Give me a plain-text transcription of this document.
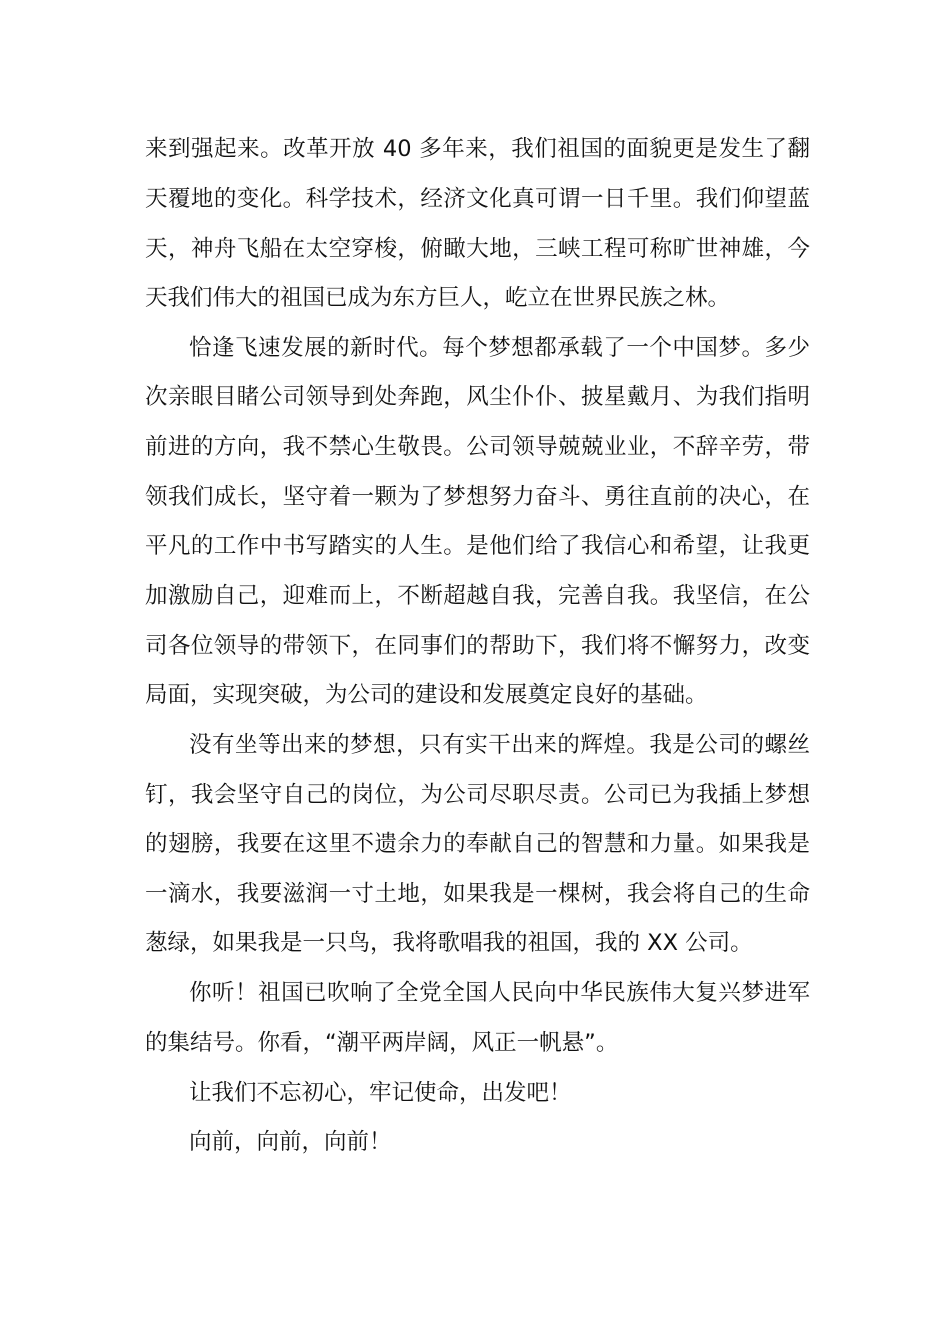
来到强起来。改革开放 40 多年来，我们祖国的面貌更是发生了翻
天覆地的变化。科学技术，经济文化真可谓一日千里。我们仰望蓝
天，神舟飞船在太空穿梭，俯瞰大地，三峡工程可称旷世神雄，今
天我们伟大的祖国已成为东方巨人，屹立在世界民族之林。
恰逢飞速发展的新时代。每个梦想都承载了一个中国梦。多少
次亲眼目睹公司领导到处奔跑，风尘仆仆、披星戴月、为我们指明
前进的方向，我不禁心生敬畏。公司领导兢兢业业，不辞辛劳，带
领我们成长，坚守着一颗为了梦想努力奋斗、勇往直前的决心，在
平凡的工作中书写踏实的人生。是他们给了我信心和希望，让我更
加激励自己，迎难而上，不断超越自我，完善自我。我坚信，在公
司各位领导的带领下，在同事们的帮助下，我们将不懈努力，改变
局面，实现突破，为公司的建设和发展奠定良好的基础。
没有坐等出来的梦想，只有实干出来的辉煌。我是公司的螺丝
钉，我会坚守自己的岗位，为公司尽职尽责。公司已为我插上梦想
的翅膀，我要在这里不遗余力的奉献自己的智慧和力量。如果我是
一滴水，我要滋润一寸土地，如果我是一棵树，我会将自己的生命
葱绿，如果我是一只鸟，我将歌唱我的祖国，我的 XX 公司。
你听！祖国已吹响了全党全国人民向中华民族伟大复兴梦进军
的集结号。你看，“潮平两岸阔，风正一帆悬”。
让我们不忘初心，牢记使命，出发吧！
向前，向前，向前！
